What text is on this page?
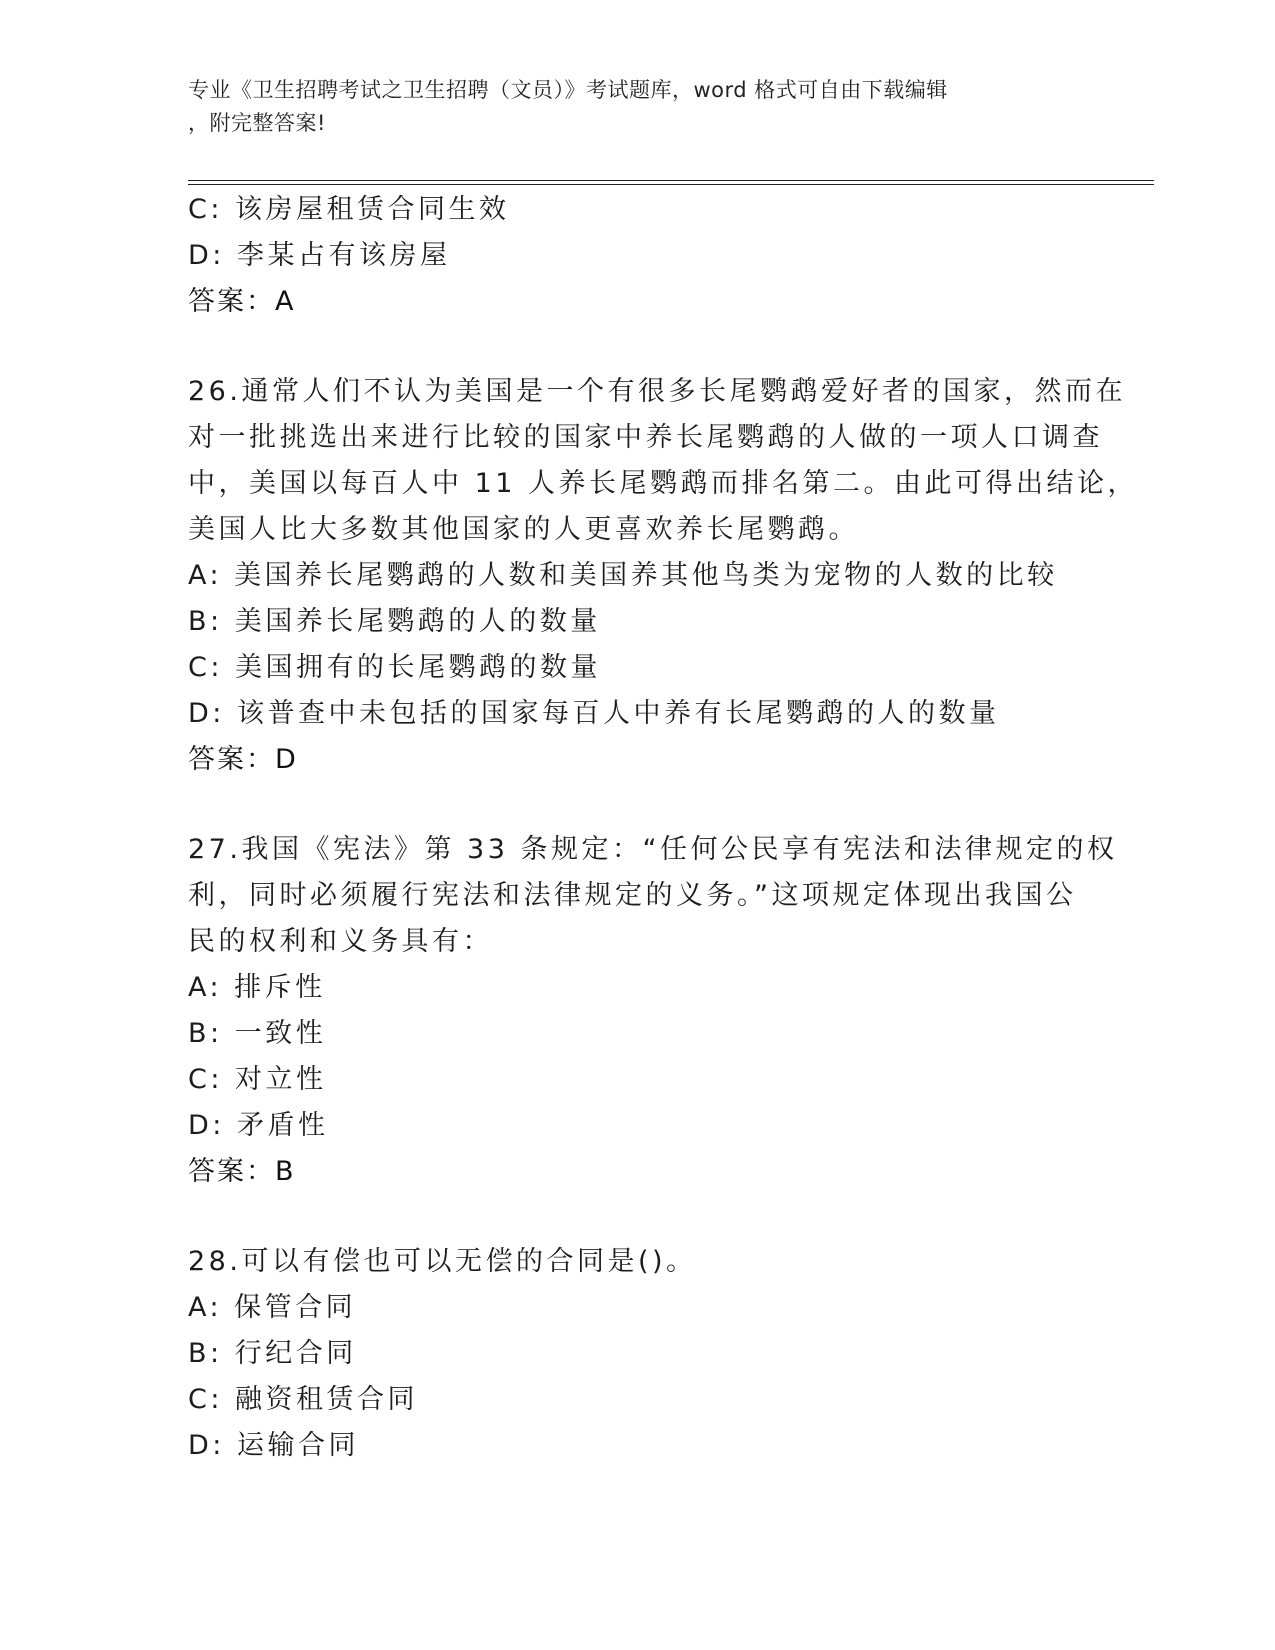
专业《卫生招聘考试之卫生招聘（文员）》考试题库，word 格式可自由下载编辑
，附完整答案!
C: 该房屋租赁合同生效
D: 李某占有该房屋
答案：A
26.通常人们不认为美国是一个有很多长尾鹦鹉爱好者的国家，然而在
对一批挑选出来进行比较的国家中养长尾鹦鹉的人做的一项人口调查
中，美国以每百人中 11 人养长尾鹦鹉而排名第二。由此可得出结论，
美国人比大多数其他国家的人更喜欢养长尾鹦鹉。
A: 美国养长尾鹦鹉的人数和美国养其他鸟类为宠物的人数的比较
B: 美国养长尾鹦鹉的人的数量
C: 美国拥有的长尾鹦鹉的数量
D: 该普查中未包括的国家每百人中养有长尾鹦鹉的人的数量
答案：D
27.我国《宪法》第 33 条规定：“任何公民享有宪法和法律规定的权
利，同时必须履行宪法和法律规定的义务。”这项规定体现出我国公
民的权利和义务具有：
A: 排斥性
B: 一致性
C: 对立性
D: 矛盾性
答案：B
28.可以有偿也可以无偿的合同是()。
A: 保管合同
B: 行纪合同
C: 融资租赁合同
D: 运输合同
